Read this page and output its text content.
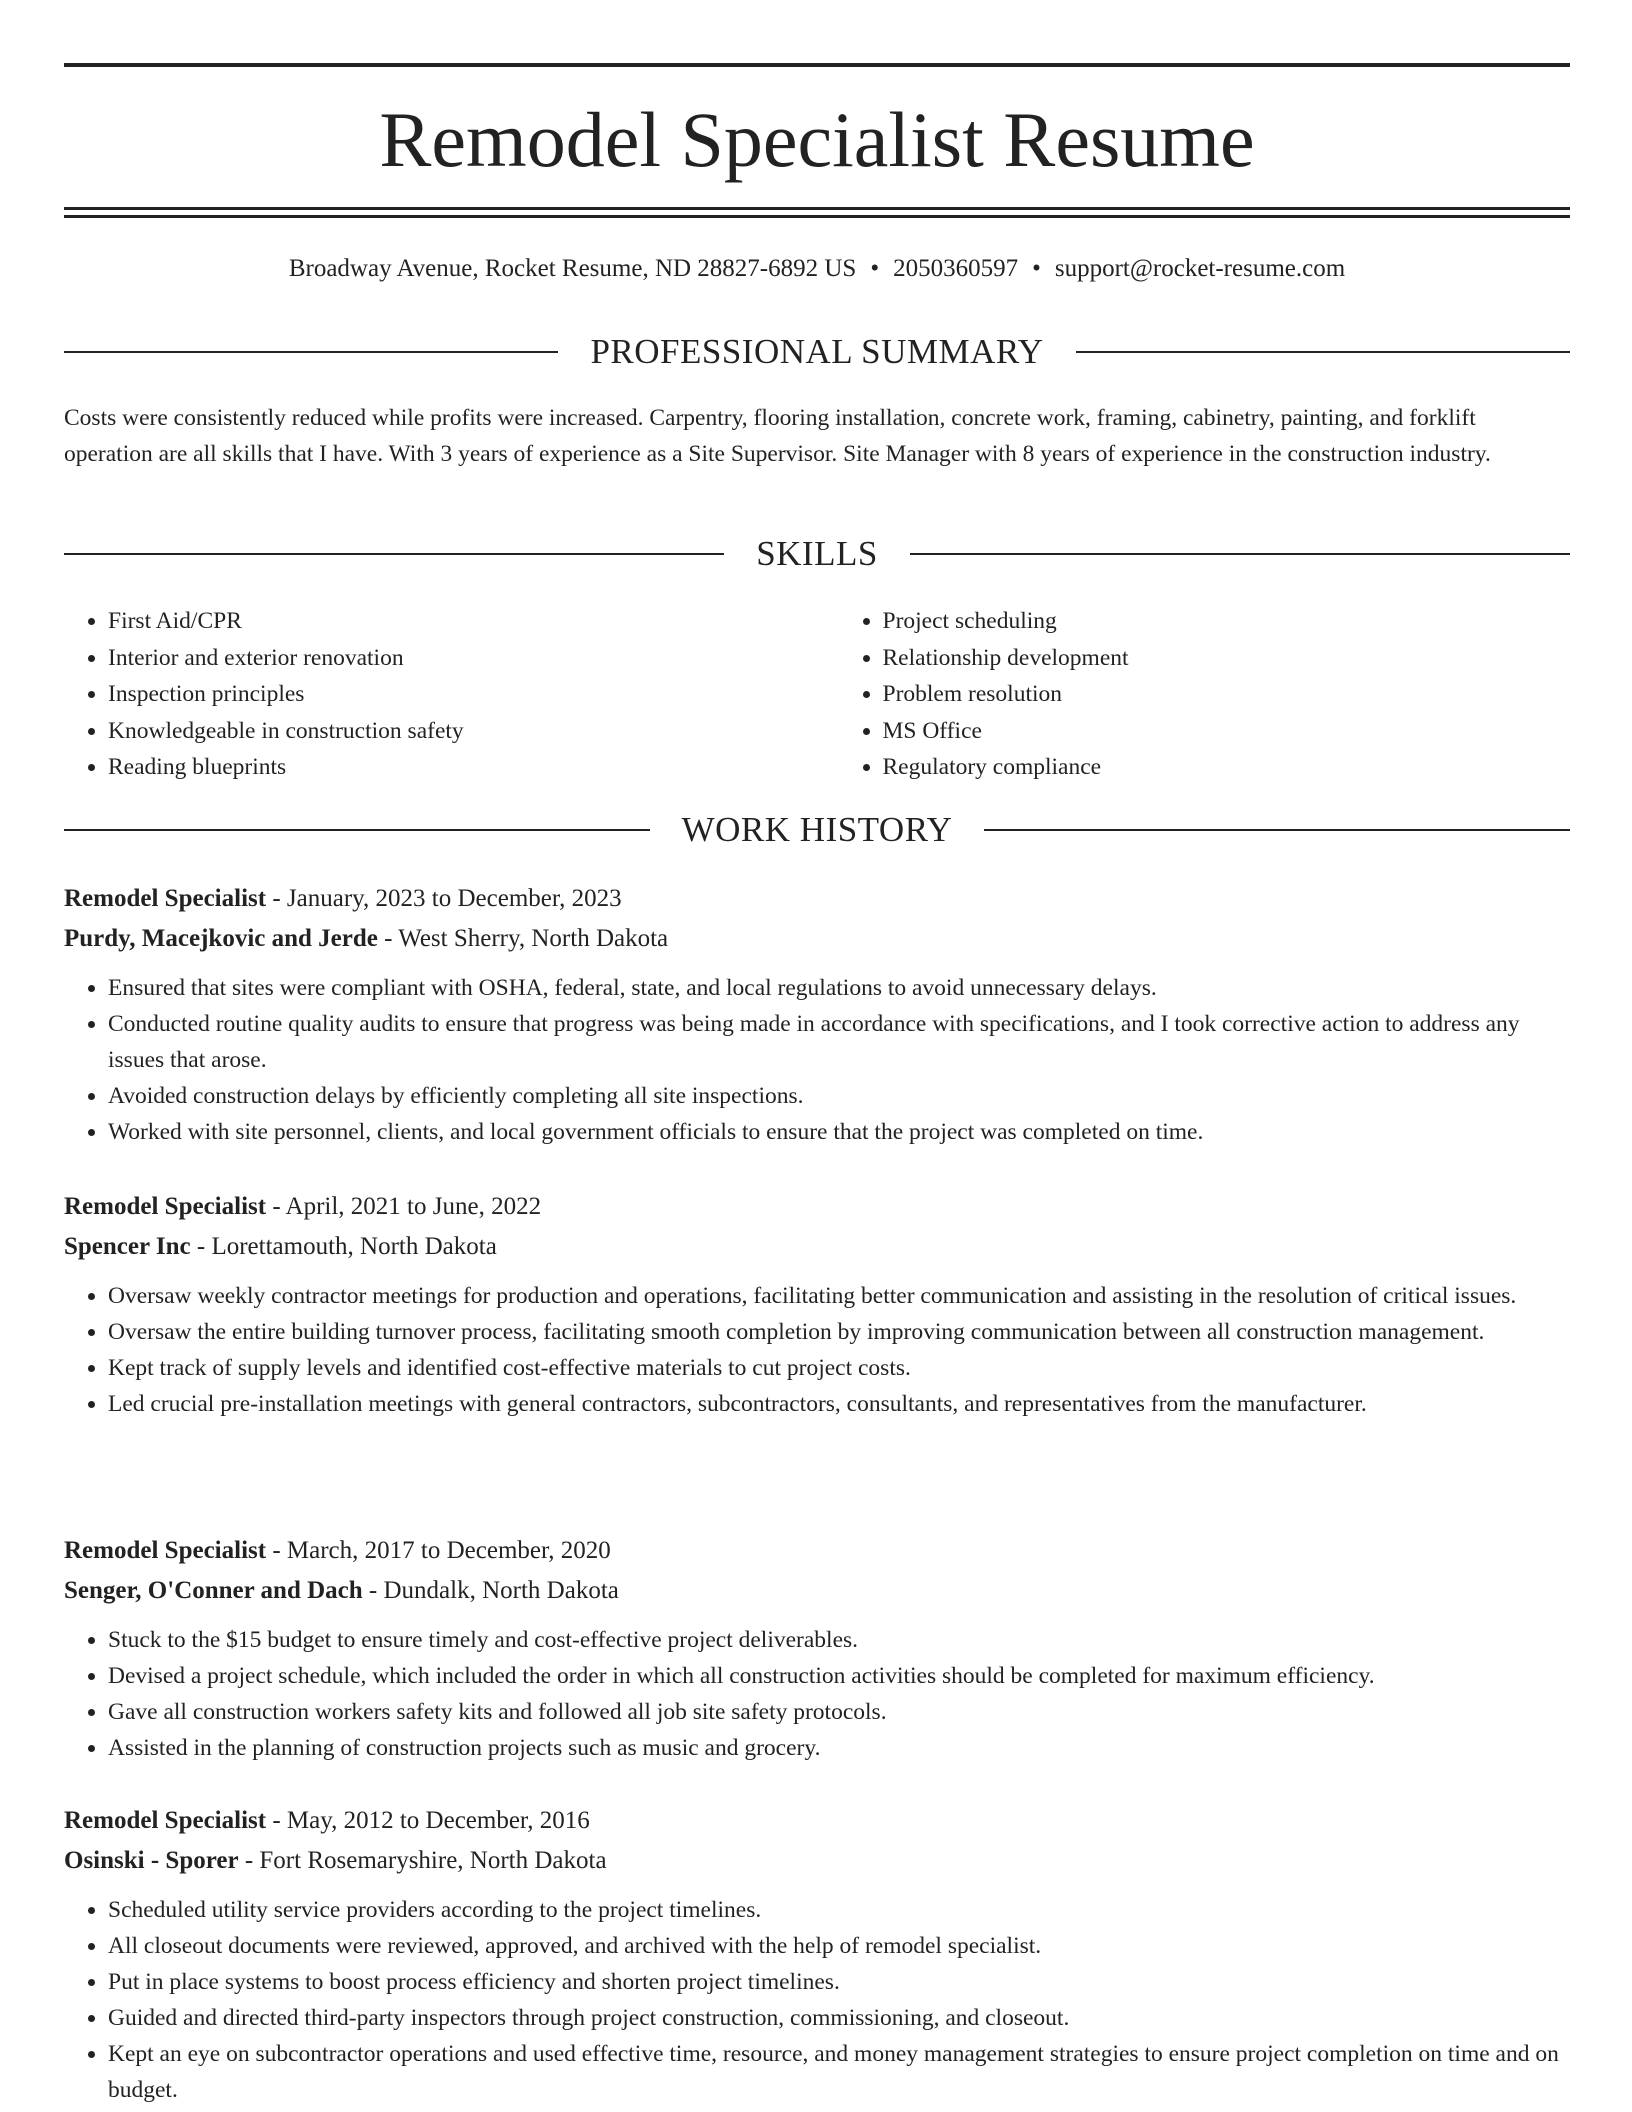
Remodel Specialist Resume
Broadway Avenue, Rocket Resume, ND 28827-6892 US • 2050360597 • support@rocket-resume.com
PROFESSIONAL SUMMARY

Costs were consistently reduced while profits were increased. Carpentry, flooring installation, concrete work, framing, cabinetry, painting, and forklift operation are all skills that I have. With 3 years of experience as a Site Supervisor. Site Manager with 8 years of experience in the construction industry.

SKILLS
• First Aid/CPR
• Interior and exterior renovation
• Inspection principles
• Knowledgeable in construction safety
• Reading blueprints
• Project scheduling
• Relationship development
• Problem resolution
• MS Office
• Regulatory compliance
WORK HISTORY
Remodel Specialist - January, 2023 to December, 2023
Purdy, Macejkovic and Jerde - West Sherry, North Dakota
• Ensured that sites were compliant with OSHA, federal, state, and local regulations to avoid unnecessary delays.
• Conducted routine quality audits to ensure that progress was being made in accordance with specifications, and I took corrective action to address any issues that arose.
• Avoided construction delays by efficiently completing all site inspections.
• Worked with site personnel, clients, and local government officials to ensure that the project was completed on time.
Remodel Specialist - April, 2021 to June, 2022
Spencer Inc - Lorettamouth, North Dakota
• Oversaw weekly contractor meetings for production and operations, facilitating better communication and assisting in the resolution of critical issues.
• Oversaw the entire building turnover process, facilitating smooth completion by improving communication between all construction management.
• Kept track of supply levels and identified cost-effective materials to cut project costs.
• Led crucial pre-installation meetings with general contractors, subcontractors, consultants, and representatives from the manufacturer.
Remodel Specialist - March, 2017 to December, 2020
Senger, O'Conner and Dach - Dundalk, North Dakota
• Stuck to the $15 budget to ensure timely and cost-effective project deliverables.
• Devised a project schedule, which included the order in which all construction activities should be completed for maximum efficiency.
• Gave all construction workers safety kits and followed all job site safety protocols.
• Assisted in the planning of construction projects such as music and grocery.
Remodel Specialist - May, 2012 to December, 2016
Osinski - Sporer - Fort Rosemaryshire, North Dakota
• Scheduled utility service providers according to the project timelines.
• All closeout documents were reviewed, approved, and archived with the help of remodel specialist.
• Put in place systems to boost process efficiency and shorten project timelines.
• Guided and directed third-party inspectors through project construction, commissioning, and closeout.
• Kept an eye on subcontractor operations and used effective time, resource, and money management strategies to ensure project completion on time and on budget.
